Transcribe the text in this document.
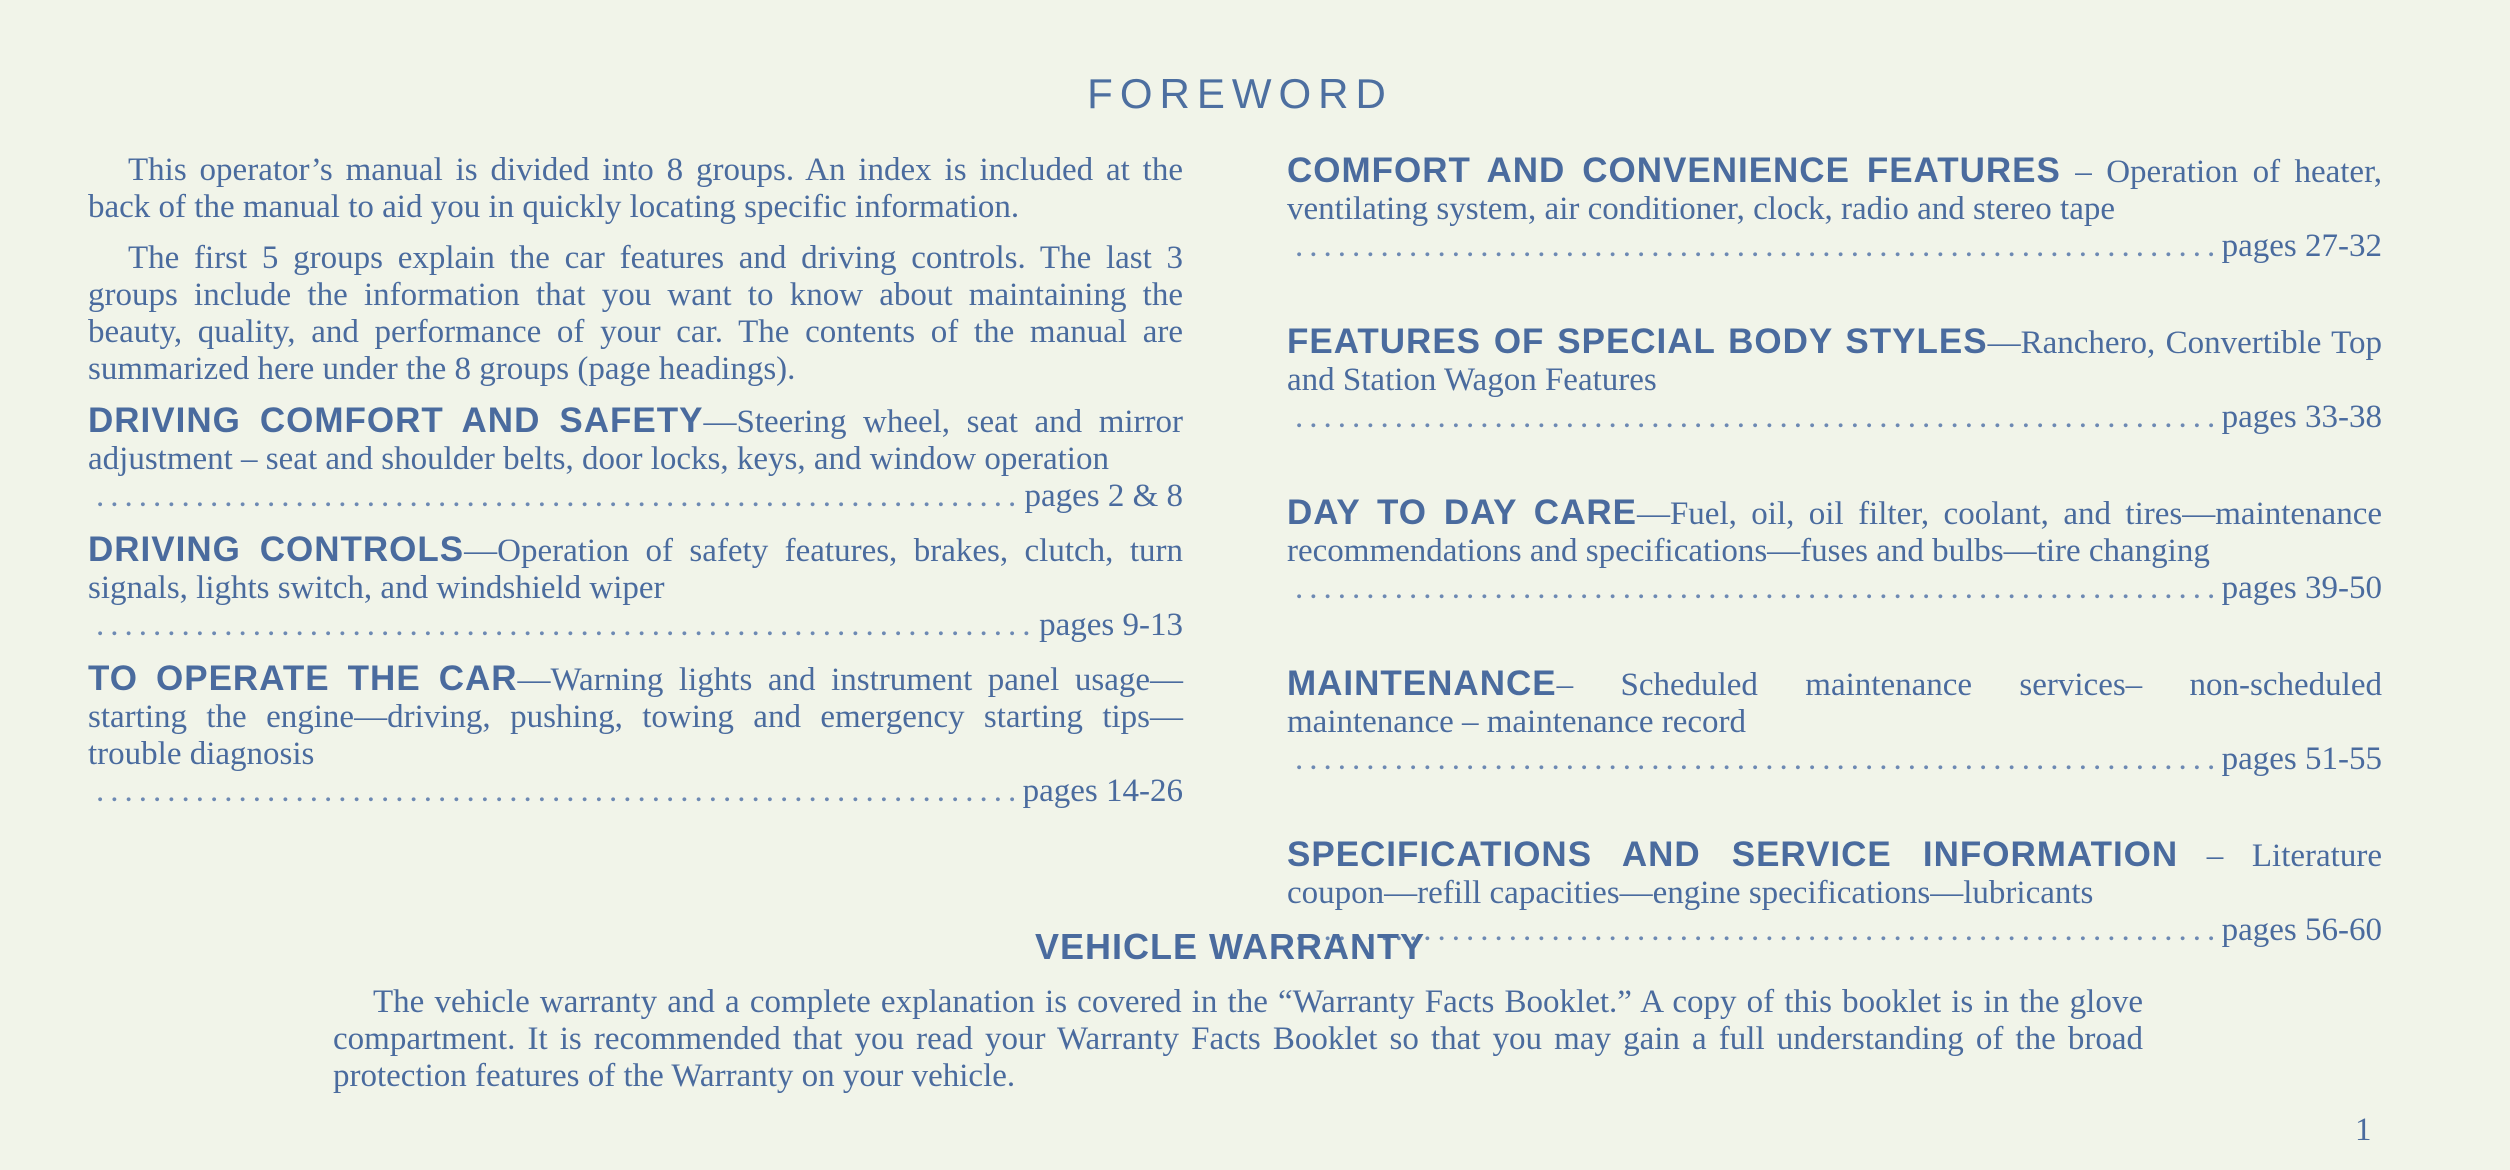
FOREWORD

This operator’s manual is divided into 8 groups. An index is included at the back of the manual to aid you in quickly locating specific information.

The first 5 groups explain the car features and driving controls. The last 3 groups include the information that you want to know about maintaining the beauty, quality, and performance of your car. The contents of the manual are summarized here under the 8 groups (page headings).

DRIVING COMFORT AND SAFETY—Steering wheel, seat and mirror adjustment – seat and shoulder belts, door locks, keys, and window operation

.....
pages 2 & 8

DRIVING CONTROLS—Operation of safety features, brakes, clutch, turn signals, lights switch, and windshield wiper

.....
pages 9-13

TO OPERATE THE CAR—Warning lights and instrument panel usage—starting the engine—driving, pushing, towing and emergency starting tips—trouble diagnosis

.....
pages 14-26

COMFORT AND CONVENIENCE FEATURES – Operation of heater, ventilating system, air conditioner, clock, radio and stereo tape

.....
pages 27-32

FEATURES OF SPECIAL BODY STYLES—Ranchero, Convertible Top and Station Wagon Features

.....
pages 33-38

DAY TO DAY CARE—Fuel, oil, oil filter, coolant, and tires—maintenance recommendations and specifications—fuses and bulbs—tire changing

.....
pages 39-50

MAINTENANCE– Scheduled maintenance services– non-scheduled maintenance – maintenance record

.....
pages 51-55

SPECIFICATIONS AND SERVICE INFORMATION – Literature coupon—refill capacities—engine specifications—lubricants

.....
pages 56-60
VEHICLE WARRANTY

The vehicle warranty and a complete explanation is covered in the “Warranty Facts Booklet.” A copy of this booklet is in the glove compartment. It is recommended that you read your Warranty Facts Booklet so that you may gain a full understanding of the broad protection features of the Warranty on your vehicle.

1
